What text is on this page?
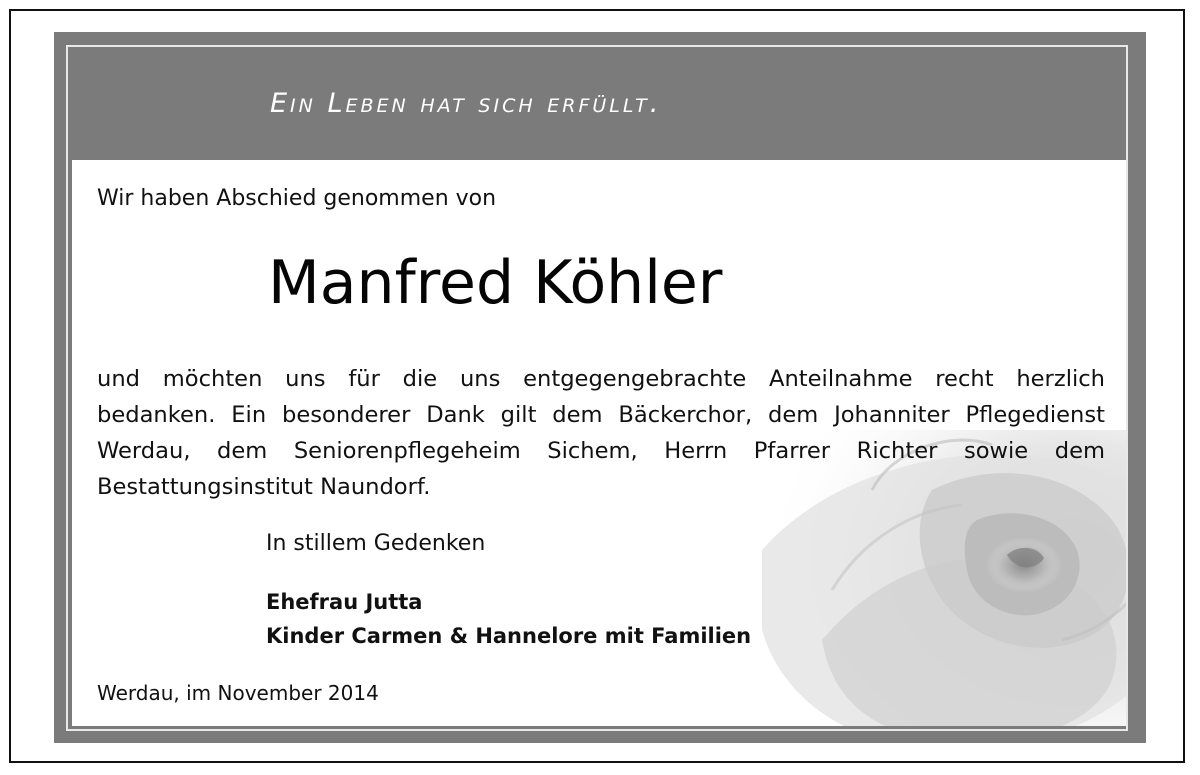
Ein Leben hat sich erfüllt.
Wir haben Abschied genommen von
Manfred Köhler
und möchten uns für die uns entgegengebrachte Anteilnahme recht herzlich
bedanken. Ein besonderer Dank gilt dem Bäckerchor, dem Johanniter Pflegedienst
Werdau, dem Seniorenpflegeheim Sichem, Herrn Pfarrer Richter sowie dem
Bestattungsinstitut Naundorf.
In stillem Gedenken
Ehefrau Jutta
Kinder Carmen & Hannelore mit Familien
Werdau, im November 2014
